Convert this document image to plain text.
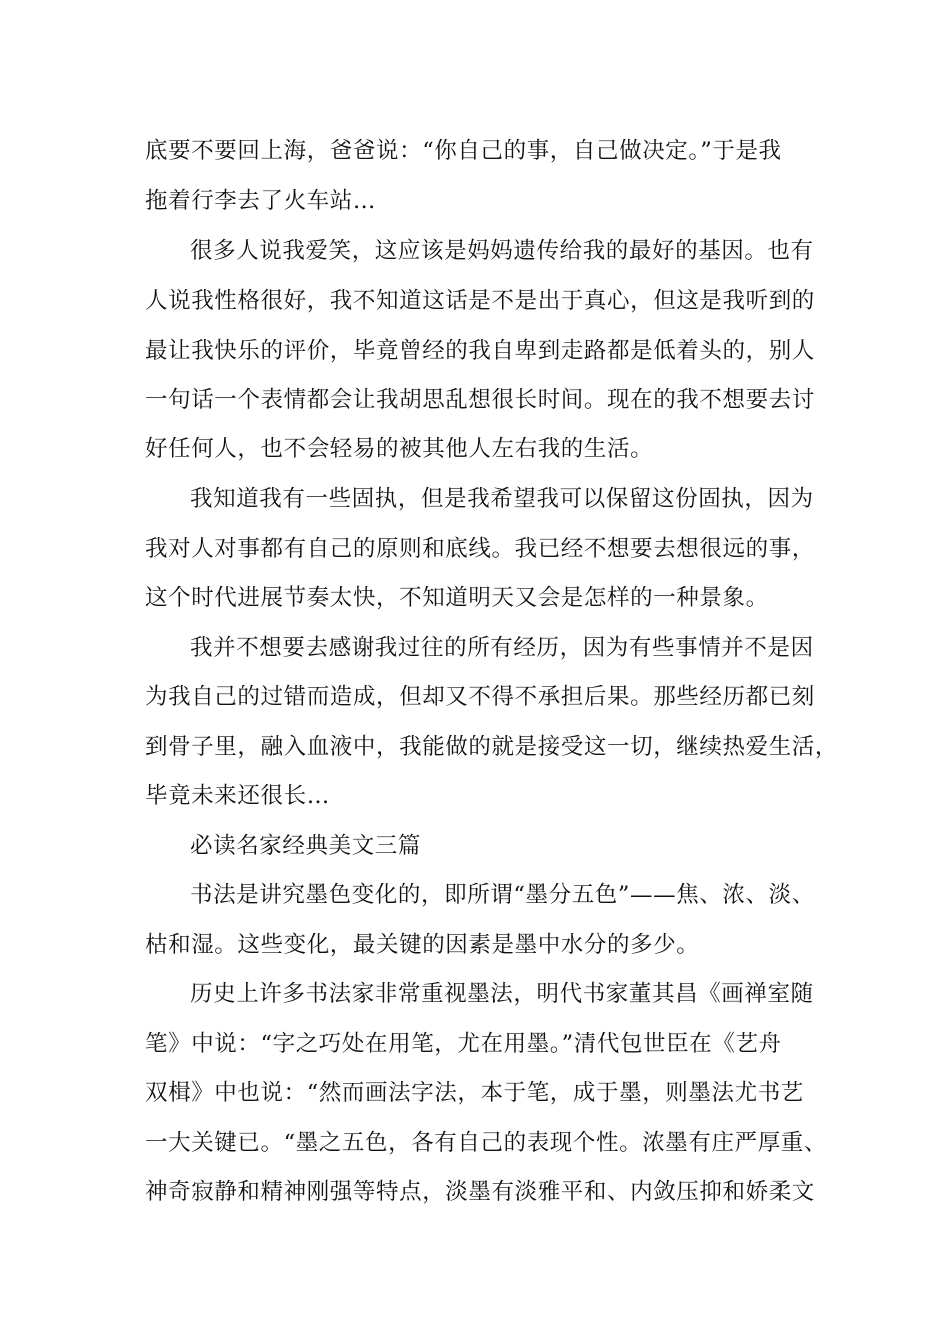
底要不要回上海，爸爸说：“你自己的事，自己做决定。”于是我
拖着行李去了火车站…
很多人说我爱笑，这应该是妈妈遗传给我的最好的基因。也有
人说我性格很好，我不知道这话是不是出于真心，但这是我听到的
最让我快乐的评价，毕竟曾经的我自卑到走路都是低着头的，别人
一句话一个表情都会让我胡思乱想很长时间。现在的我不想要去讨
好任何人，也不会轻易的被其他人左右我的生活。
我知道我有一些固执，但是我希望我可以保留这份固执，因为
我对人对事都有自己的原则和底线。我已经不想要去想很远的事，
这个时代进展节奏太快，不知道明天又会是怎样的一种景象。
我并不想要去感谢我过往的所有经历，因为有些事情并不是因
为我自己的过错而造成，但却又不得不承担后果。那些经历都已刻
到骨子里，融入血液中，我能做的就是接受这一切，继续热爱生活，
毕竟未来还很长…
必读名家经典美文三篇
书法是讲究墨色变化的，即所谓“墨分五色”——焦、浓、淡、
枯和湿。这些变化，最关键的因素是墨中水分的多少。
历史上许多书法家非常重视墨法，明代书家董其昌《画禅室随
笔》中说：“字之巧处在用笔，尤在用墨。”清代包世臣在《艺舟
双楫》中也说：“然而画法字法，本于笔，成于墨，则墨法尤书艺
一大关键已。“墨之五色，各有自己的表现个性。浓墨有庄严厚重、
神奇寂静和精神刚强等特点，淡墨有淡雅平和、内敛压抑和娇柔文
